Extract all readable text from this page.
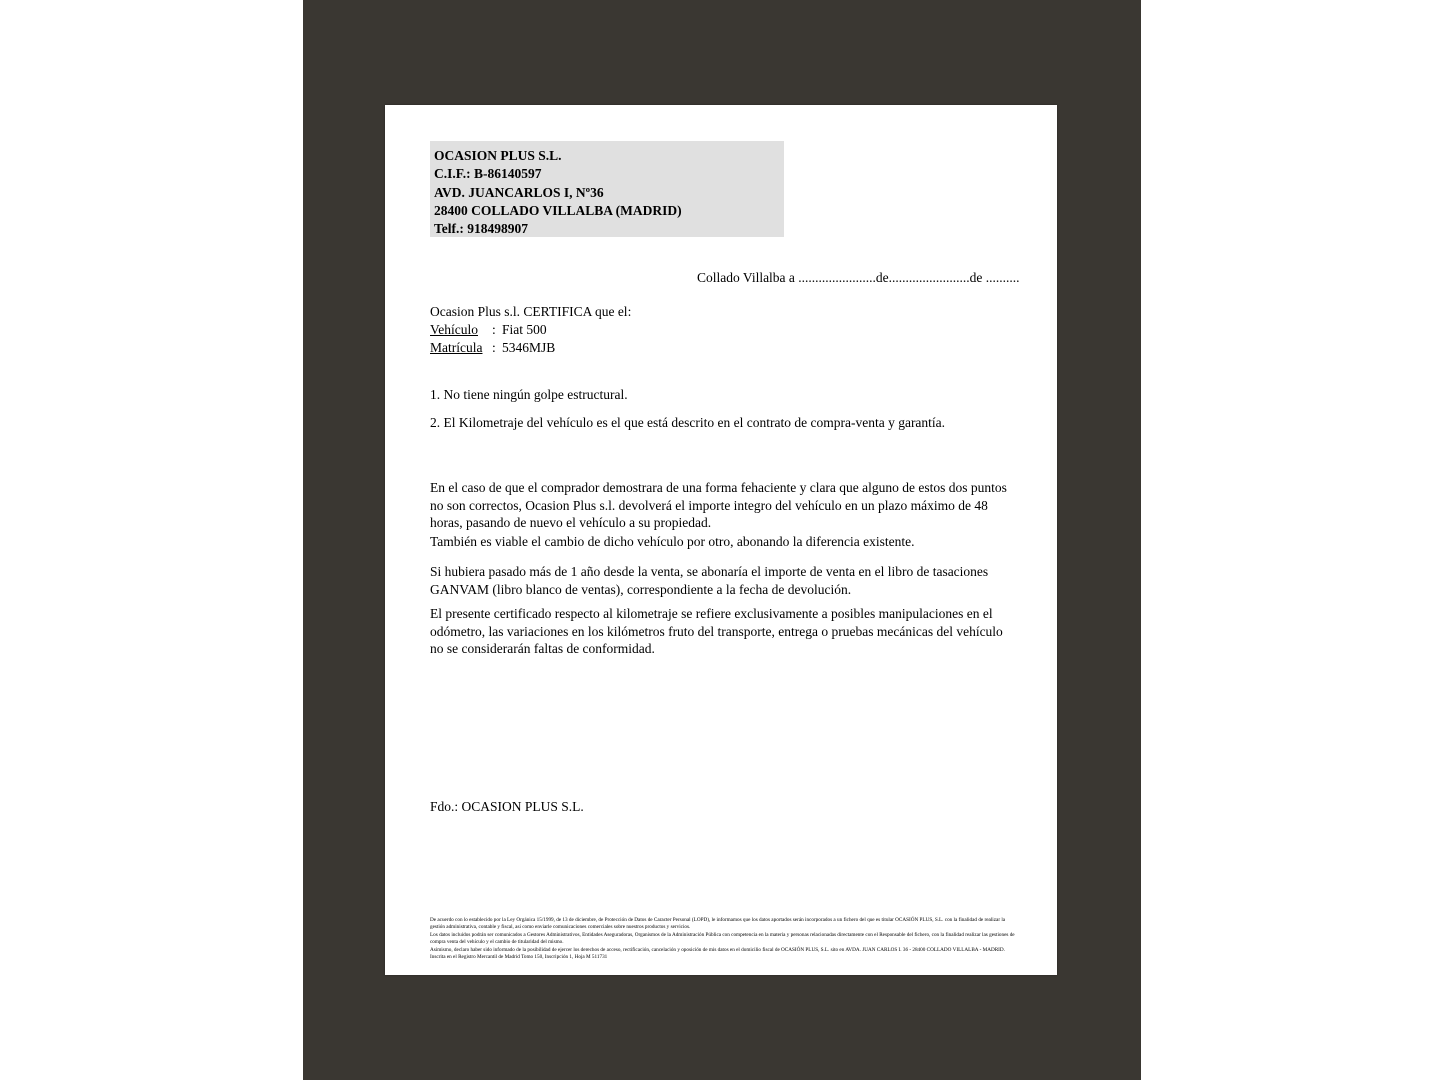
OCASION PLUS S.L.
C.I.F.: B-86140597
AVD. JUANCARLOS I, Nº36
28400 COLLADO VILLALBA (MADRID)
Telf.: 918498907
Collado Villalba a .......................de........................de ..........
Ocasion Plus s.l. CERTIFICA que el:
Vehículo : Fiat 500
Matrícula : 5346MJB
1. No tiene ningún golpe estructural.
2. El Kilometraje del vehículo es el que está descrito en el contrato de compra-venta y garantía.
En el caso de que el comprador demostrara de una forma fehaciente y clara que alguno de estos dos puntos no son correctos, Ocasion Plus s.l. devolverá el importe integro del vehículo en un plazo máximo de 48 horas, pasando de nuevo el vehículo a su propiedad.
También es viable el cambio de dicho vehículo por otro, abonando la diferencia existente.
Si hubiera pasado más de 1 año desde la venta, se abonaría el importe de venta en el libro de tasaciones GANVAM (libro blanco de ventas), correspondiente a la fecha de devolución.
El presente certificado respecto al kilometraje se refiere exclusivamente a posibles manipulaciones en el odómetro, las variaciones en los kilómetros fruto del transporte, entrega o pruebas mecánicas del vehículo no se considerarán faltas de conformidad.
Fdo.: OCASION PLUS S.L.

De acuerdo con lo establecido por la Ley Orgánica 15/1999, de 13 de diciembre, de Protección de Datos de Caracter Personal (LOPD), le informamos que los datos aportados serán incorporados a un fichero del que es titular OCASIÓN PLUS, S.L. con la finalidad de realizar la gestión administrativa, contable y fiscal, así como enviarle comunicaciones comerciales sobre nuestros productos y servicios.

Los datos incluidos podrán ser comunicados a Gestores Administrativos, Entidades Aseguradoras, Organismos de la Administración Pública con competencia en la materia y personas relacionadas directamente con el Responsable del fichero, con la finalidad realizar las gestiones de compra venta del vehículo y el cambio de titularidad del mismo.

Asimismo, declaro haber sido informado de la posibilidad de ejercer los derechos de acceso, rectificación, cancelación y oposición de mis datos en el domicilio fiscal de OCASIÓN PLUS, S.L. sito en AVDA. JUAN CARLOS I. 36 - 28400 COLLADO VILLALBA - MADRID. Inscrita en el Registro Mercantil de Madrid Tomo 150, Inscripción 1, Hoja M 511731
